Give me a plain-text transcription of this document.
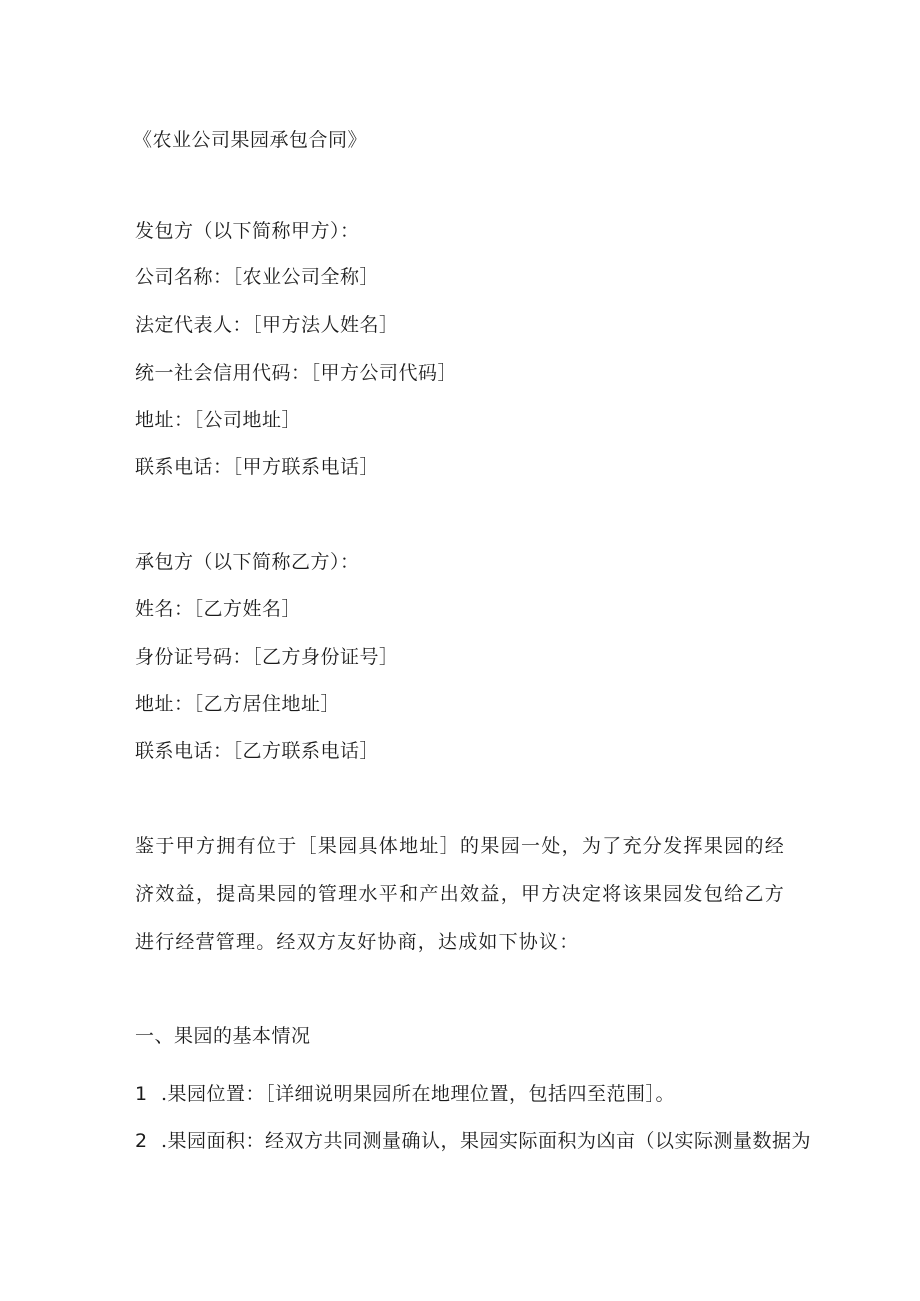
《农业公司果园承包合同》
发包方（以下简称甲方）：
公司名称：［农业公司全称］
法定代表人：［甲方法人姓名］
统一社会信用代码：［甲方公司代码］
地址：［公司地址］
联系电话：［甲方联系电话］
承包方（以下简称乙方）：
姓名：［乙方姓名］
身份证号码：［乙方身份证号］
地址：［乙方居住地址］
联系电话：［乙方联系电话］
鉴于甲方拥有位于［果园具体地址］的果园一处，为了充分发挥果园的经济效益，提高果园的管理水平和产出效益，甲方决定将该果园发包给乙方进行经营管理。经双方友好协商，达成如下协议：
一、果园的基本情况
1 .果园位置：［详细说明果园所在地理位置，包括四至范围］。
2 .果园面积：经双方共同测量确认，果园实际面积为凶亩（以实际测量数据为
